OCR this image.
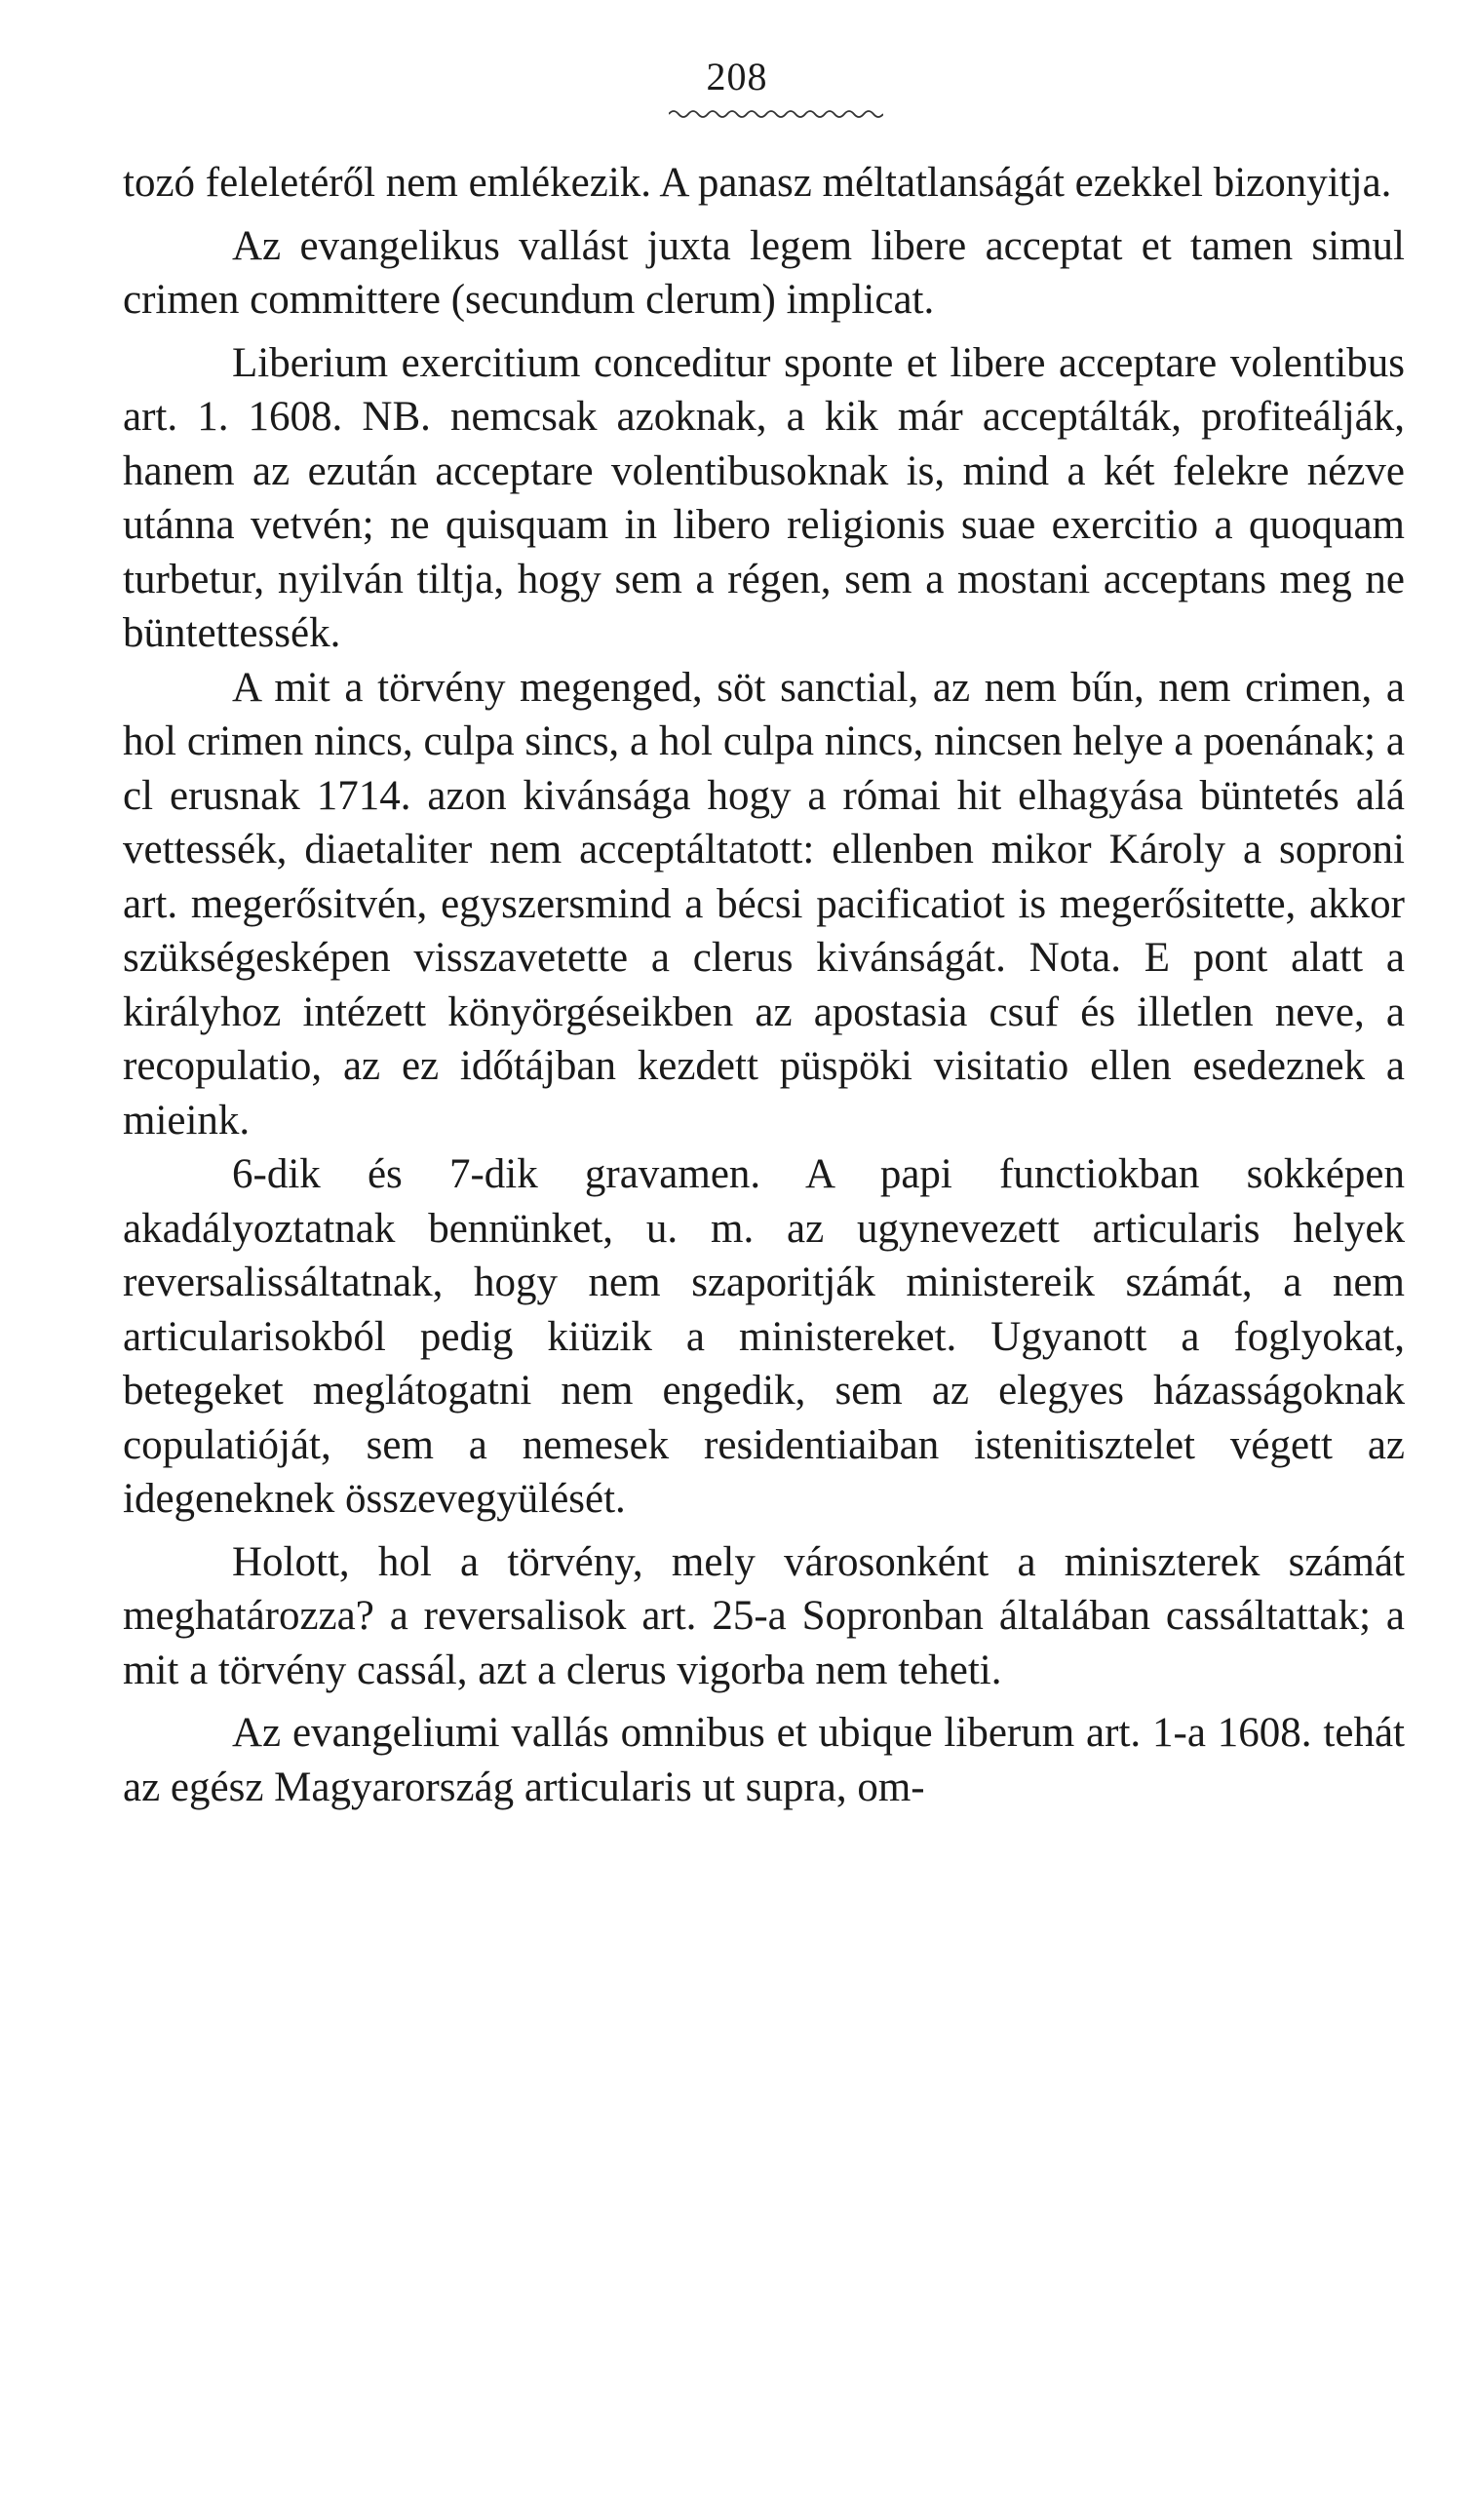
208

tozó feleletéről nem emlékezik. A panasz méltatlanságát ezekkel bizonyitja.

Az evangelikus vallást juxta legem libere acceptat et tamen simul crimen committere (secundum clerum) implicat.

Liberium exercitium conceditur sponte et libere acceptare volentibus art. 1. 1608. NB. nemcsak azoknak, a kik már acceptálták, profiteálják, hanem az ezután acceptare volentibusoknak is, mind a két felekre nézve utánna vetvén; ne quisquam in libero religionis suae exercitio a quoquam turbetur, nyilván tiltja, hogy sem a régen, sem a mostani acceptans meg ne büntettessék.

A mit a törvény megenged, söt sanctial, az nem bűn, nem crimen, a hol crimen nincs, culpa sincs, a hol culpa nincs, nincsen helye a poenának; a cl erusnak 1714. azon kivánsága hogy a római hit elhagyása büntetés alá vettessék, diaetaliter nem acceptáltatott: ellenben mikor Károly a soproni art. megerősitvén, egyszersmind a bécsi pacificatiot is megerősitette, akkor szükségesképen visszavetette a clerus kivánságát. Nota. E pont alatt a királyhoz intézett könyörgéseikben az apostasia csuf és illetlen neve, a recopulatio, az ez időtájban kezdett püspöki visitatio ellen esedeznek a mieink.

6-dik és 7-dik gravamen. A papi functiokban sokképen akadályoztatnak bennünket, u. m. az ugynevezett articularis helyek reversalissáltatnak, hogy nem szaporitják ministereik számát, a nem articularisokból pedig kiüzik a ministereket. Ugyanott a foglyokat, betegeket meglátogatni nem engedik, sem az elegyes házasságoknak copulatióját, sem a nemesek residentiaiban istenitisztelet végett az idegeneknek összevegyülését.

Holott, hol a törvény, mely városonként a miniszterek számát meghatározza? a reversalisok art. 25-a Sopronban általában cassáltattak; a mit a törvény cassál, azt a clerus vigorba nem teheti.

Az evangeliumi vallás omnibus et ubique liberum art. 1-a 1608. tehát az egész Magyarország articularis ut supra, om-
